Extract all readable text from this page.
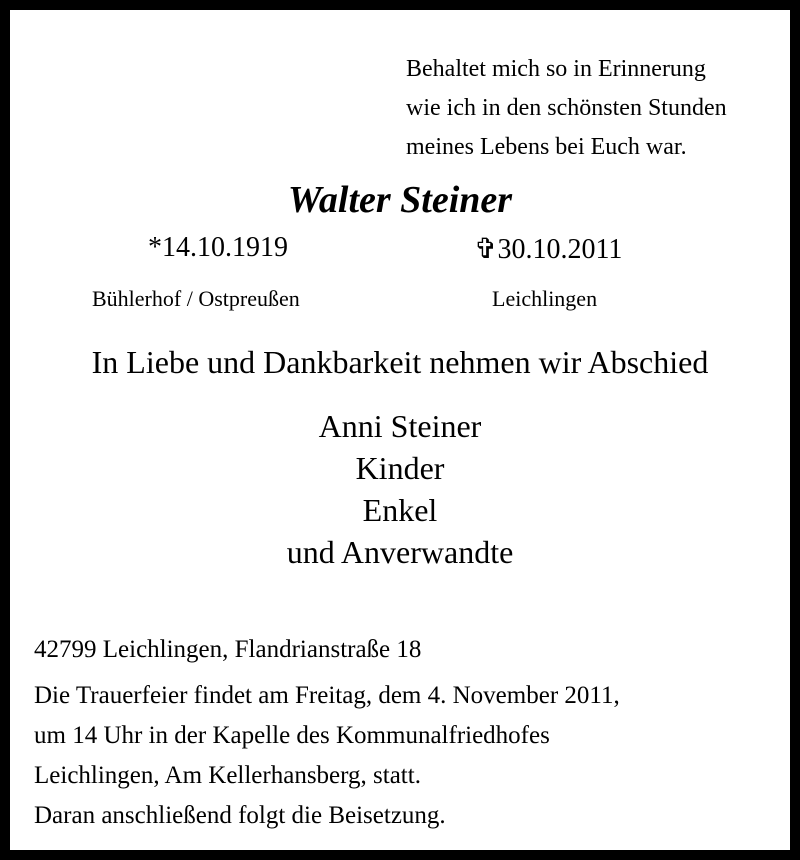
Behaltet mich so in Erinnerung
wie ich in den schönsten Stunden
meines Lebens bei Euch war.
Walter Steiner
*14.10.1919	✞30.10.2011
Bühlerhof / Ostpreußen	Leichlingen
In Liebe und Dankbarkeit nehmen wir Abschied
Anni Steiner
Kinder
Enkel
und Anverwandte
42799 Leichlingen, Flandrianstraße 18
Die Trauerfeier findet am Freitag, dem 4. November 2011,
um 14 Uhr in der Kapelle des Kommunalfriedhofes
Leichlingen, Am Kellerhansberg, statt.
Daran anschließend folgt die Beisetzung.
